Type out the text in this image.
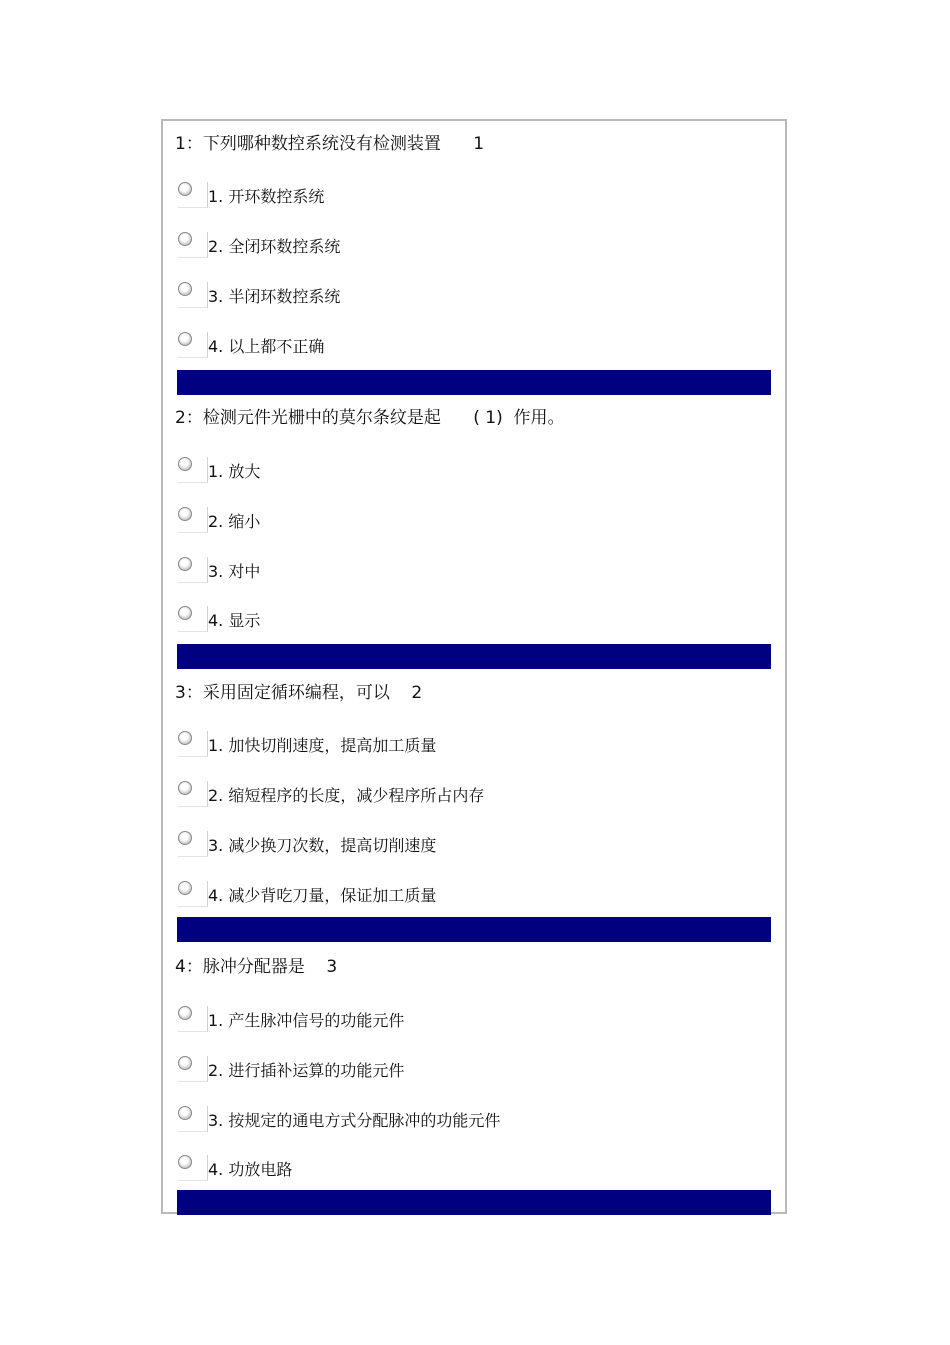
1：下列哪种数控系统没有检测装置      1
1. 开环数控系统
2. 全闭环数控系统
3. 半闭环数控系统
4. 以上都不正确
2：检测元件光栅中的莫尔条纹是起      ( 1)  作用。
1. 放大
2. 缩小
3. 对中
4. 显示
3：采用固定循环编程，可以    2
1. 加快切削速度，提高加工质量
2. 缩短程序的长度，减少程序所占内存
3. 减少换刀次数，提高切削速度
4. 减少背吃刀量，保证加工质量
4：脉冲分配器是    3
1. 产生脉冲信号的功能元件
2. 进行插补运算的功能元件
3. 按规定的通电方式分配脉冲的功能元件
4. 功放电路
